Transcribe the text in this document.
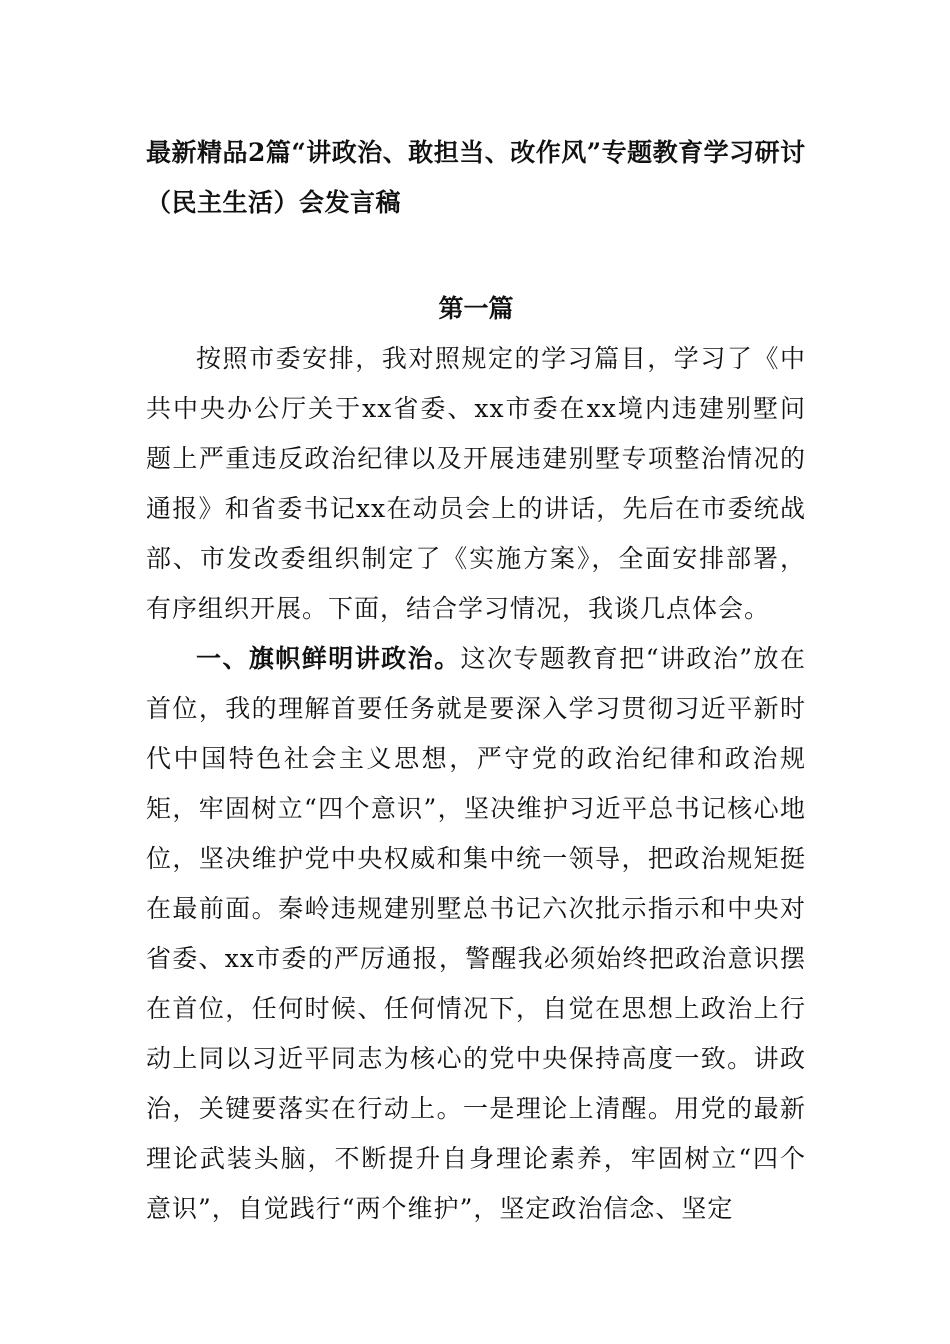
最新精品2篇“讲政治、敢担当、改作风”专题教育学习研讨（民主生活）会发言稿
第一篇

按照市委安排，我对照规定的学习篇目，学习了《中共中央办公厅关于xx省委、xx市委在xx境内违建别墅问题上严重违反政治纪律以及开展违建别墅专项整治情况的通报》和省委书记xx在动员会上的讲话，先后在市委统战部、市发改委组织制定了《实施方案》，全面安排部署，有序组织开展。下面，结合学习情况，我谈几点体会。

一、旗帜鲜明讲政治。这次专题教育把“讲政治”放在首位，我的理解首要任务就是要深入学习贯彻习近平新时代中国特色社会主义思想，严守党的政治纪律和政治规矩，牢固树立“四个意识”，坚决维护习近平总书记核心地位，坚决维护党中央权威和集中统一领导，把政治规矩挺在最前面。秦岭违规建别墅总书记六次批示指示和中央对省委、xx市委的严厉通报，警醒我必须始终把政治意识摆在首位，任何时候、任何情况下，自觉在思想上政治上行动上同以习近平同志为核心的党中央保持高度一致。讲政治，关键要落实在行动上。一是理论上清醒。用党的最新理论武装头脑，不断提升自身理论素养，牢固树立“四个意识”，自觉践行“两个维护”，坚定政治信念、坚定
